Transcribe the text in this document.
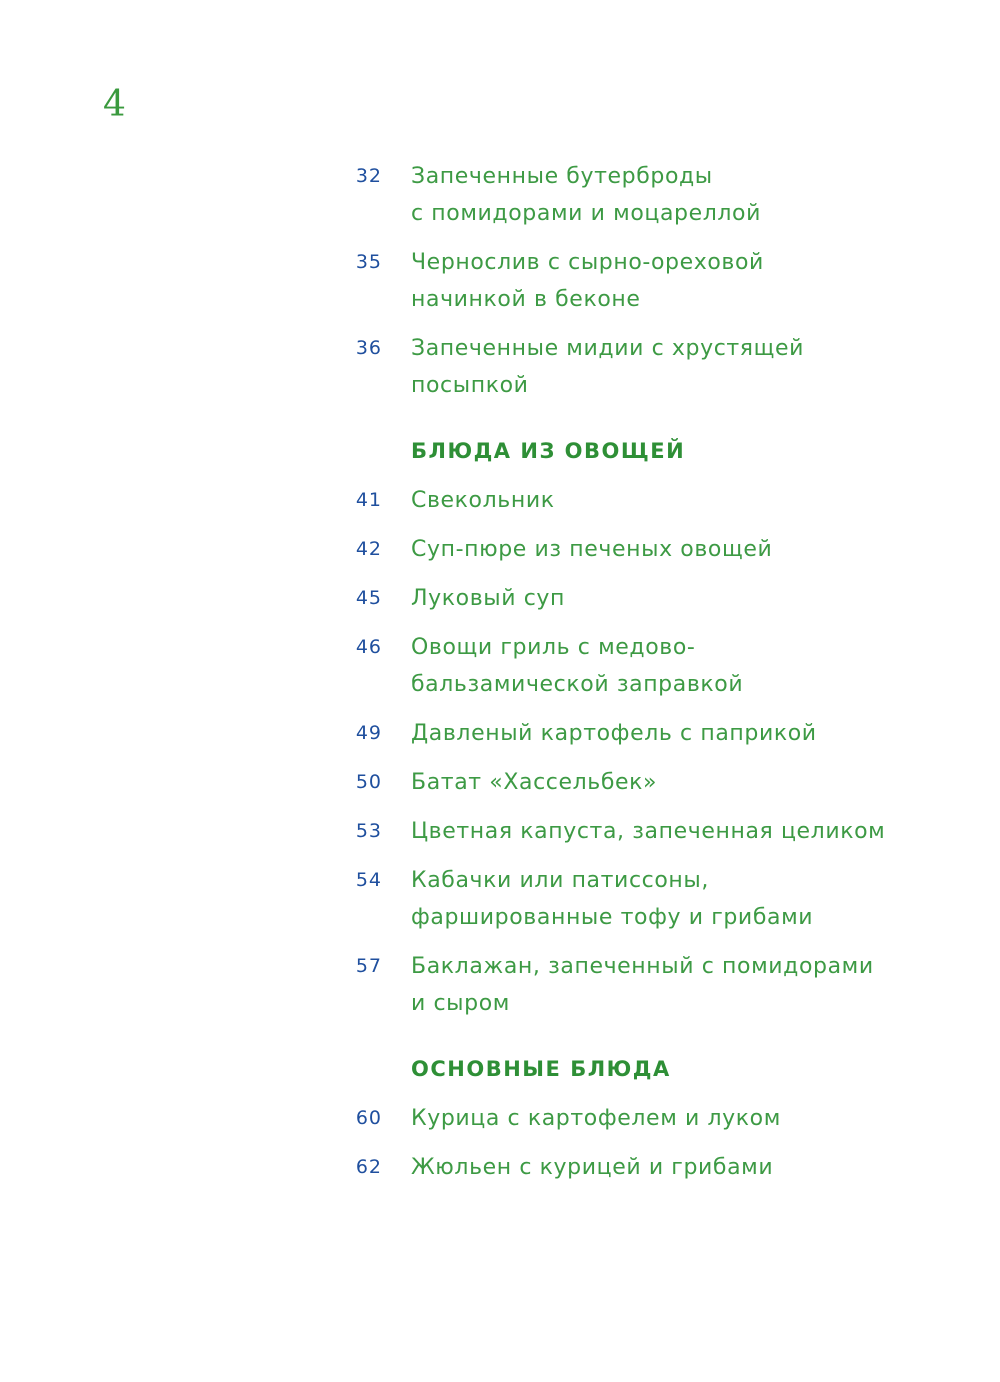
4
32 Запеченные бутерброды
с помидорами и моцареллой
35 Чернослив с сырно-ореховой
начинкой в беконе
36 Запеченные мидии с хрустящей
посыпкой
БЛЮДА ИЗ ОВОЩЕЙ
41 Свекольник
42 Суп-пюре из печеных овощей
45 Луковый суп
46 Овощи гриль с медово-
бальзамической заправкой
49 Давленый картофель с паприкой
50 Батат «Хассельбек»
53 Цветная капуста, запеченная целиком
54 Кабачки или патиссоны,
фаршированные тофу и грибами
57 Баклажан, запеченный с помидорами
и сыром
ОСНОВНЫЕ БЛЮДА
60 Курица с картофелем и луком
62 Жюльен с курицей и грибами
